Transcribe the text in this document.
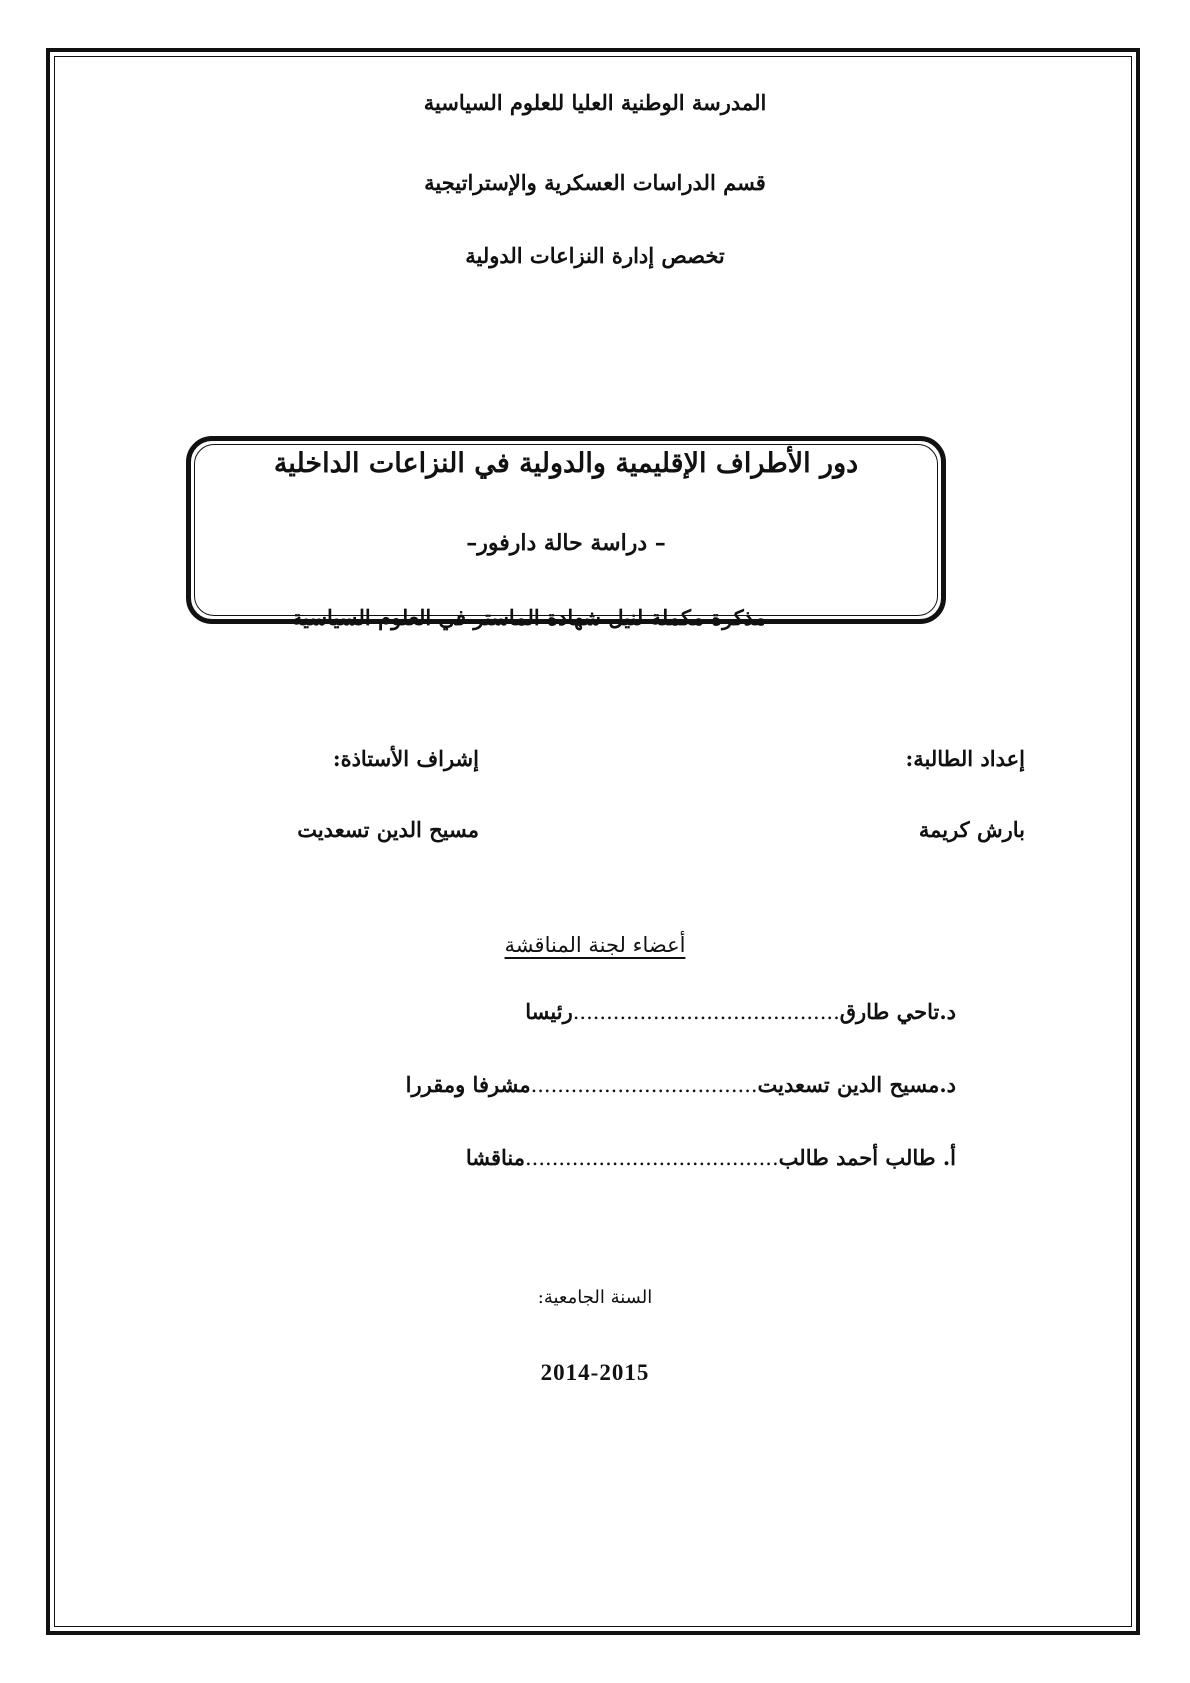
المدرسة الوطنية العليا للعلوم السياسية
قسم الدراسات العسكرية والإستراتيجية
تخصص إدارة النزاعات الدولية
دور الأطراف الإقليمية والدولية في النزاعات الداخلية
– دراسة حالة دارفور–
مذكرة مكملة لنيل شهادة الماستر في العلوم السياسية
إعداد الطالبة:
بارش كريمة
إشراف الأستاذة:
مسيح الدين تسعديت
أعضاء لجنة المناقشة
د.تاحي طارق........................................رئيسا
د.مسيح الدين تسعديت..................................مشرفا ومقررا
أ. طالب أحمد طالب......................................مناقشا
السنة الجامعية:
2014-2015
